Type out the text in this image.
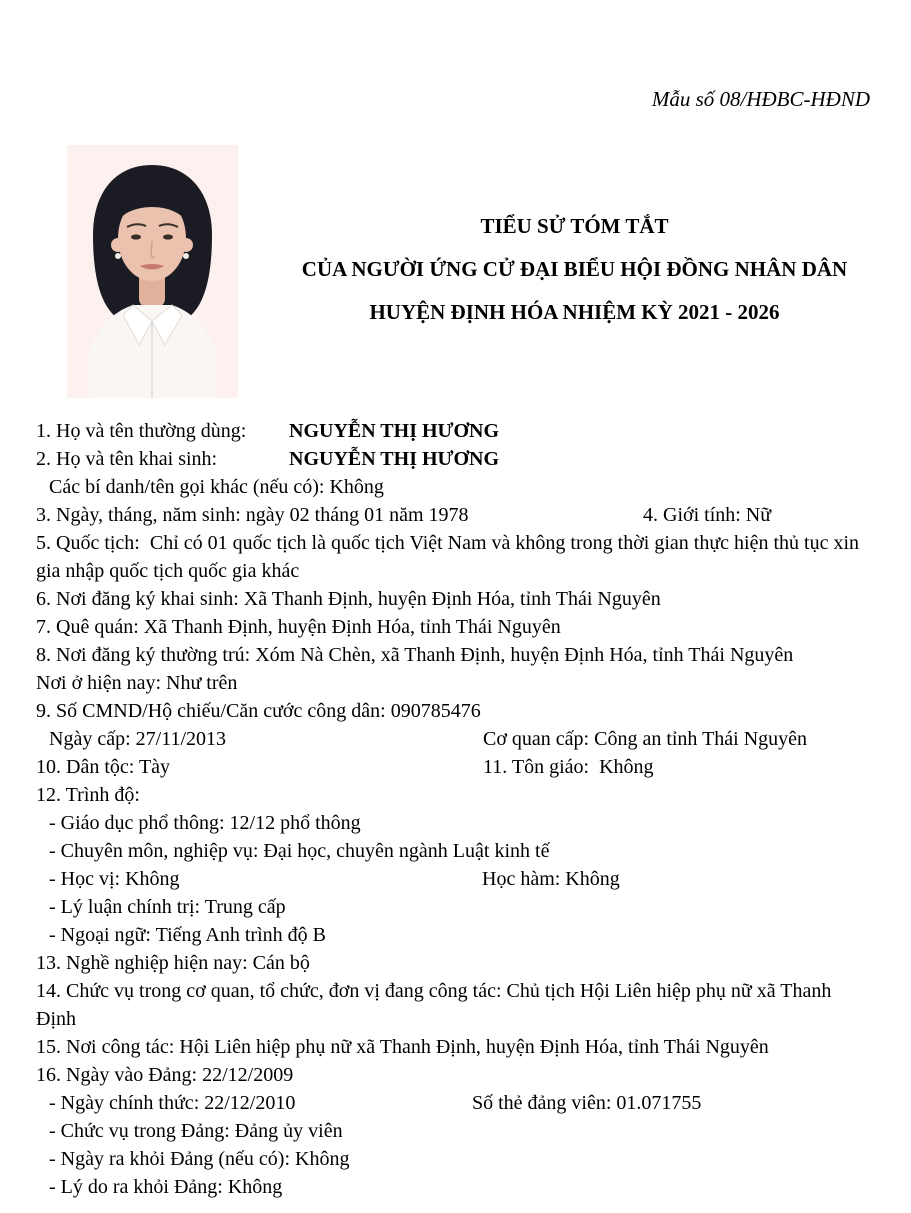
Mẫu số 08/HĐBC-HĐND
TIỂU SỬ TÓM TẮT
CỦA NGƯỜI ỨNG CỬ ĐẠI BIỂU HỘI ĐỒNG NHÂN DÂN
HUYỆN ĐỊNH HÓA NHIỆM KỲ 2021 - 2026
1. Họ và tên thường dùng: NGUYỄN THỊ HƯƠNG
2. Họ và tên khai sinh:	NGUYỄN THỊ HƯƠNG
Các bí danh/tên gọi khác (nếu có): Không
3. Ngày, tháng, năm sinh: ngày 02 tháng 01 năm 1978	4. Giới tính: Nữ
5. Quốc tịch:  Chỉ có 01 quốc tịch là quốc tịch Việt Nam và không trong thời gian thực hiện thủ tục xin gia nhập quốc tịch quốc gia khác
6. Nơi đăng ký khai sinh: Xã Thanh Định, huyện Định Hóa, tỉnh Thái Nguyên
7. Quê quán: Xã Thanh Định, huyện Định Hóa, tỉnh Thái Nguyên
8. Nơi đăng ký thường trú: Xóm Nà Chèn, xã Thanh Định, huyện Định Hóa, tỉnh Thái Nguyên
Nơi ở hiện nay: Như trên
9. Số CMND/Hộ chiếu/Căn cước công dân: 090785476
Ngày cấp: 27/11/2013	Cơ quan cấp: Công an tỉnh Thái Nguyên
10. Dân tộc: Tày	11. Tôn giáo:  Không
12. Trình độ:
- Giáo dục phổ thông: 12/12 phổ thông
- Chuyên môn, nghiệp vụ: Đại học, chuyên ngành Luật kinh tế
- Học vị: Không	Học hàm: Không
- Lý luận chính trị: Trung cấp
- Ngoại ngữ: Tiếng Anh trình độ B
13. Nghề nghiệp hiện nay: Cán bộ
14. Chức vụ trong cơ quan, tổ chức, đơn vị đang công tác: Chủ tịch Hội Liên hiệp phụ nữ xã Thanh Định
15. Nơi công tác: Hội Liên hiệp phụ nữ xã Thanh Định, huyện Định Hóa, tỉnh Thái Nguyên
16. Ngày vào Đảng: 22/12/2009
- Ngày chính thức: 22/12/2010	Số thẻ đảng viên: 01.071755
- Chức vụ trong Đảng: Đảng ủy viên
- Ngày ra khỏi Đảng (nếu có): Không
- Lý do ra khỏi Đảng: Không
